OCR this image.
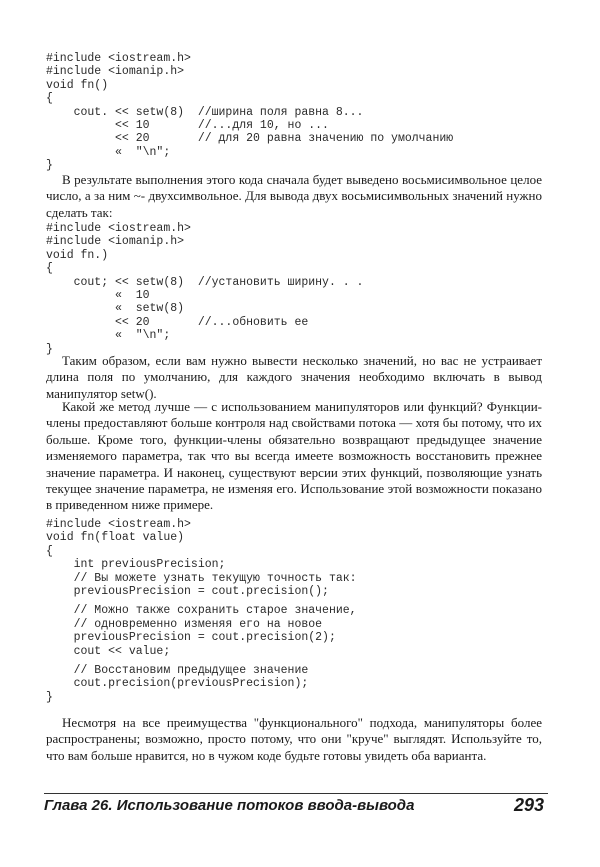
#include <iostream.h>
#include <iomanip.h>
void fn()
{
cout. << setw(8)  //ширина поля равна 8...
<< 10       //...для 10, но ...
<< 20       // для 20 равна значению по умолчанию
«  "\n";
}

В результате выполнения этого кода сначала будет выведено восьмисимвольное целое число, а за ним ~- двухсимвольное. Для вывода двух восьмисимвольных значений нужно сделать так:

#include <iostream.h>
#include <iomanip.h>
void fn.)
{
cout; << setw(8)  //установить ширину. . .
«  10
«  setw(8)
<< 20       //...обновить ее
«  "\n";
}

Таким образом, если вам нужно вывести несколько значений, но вас не устраивает длина поля по умолчанию, для каждого значения необходимо включать в вывод манипулятор setw().

Какой же метод лучше — с использованием манипуляторов или функций? Функции-члены предоставляют больше контроля над свойствами потока — хотя бы потому, что их больше. Кроме того, функции-члены обязательно возвращают предыдущее значение изменяемого параметра, так что вы всегда имеете возможность восстановить прежнее значение параметра. И наконец, существуют версии этих функций, позволяющие узнать текущее значение параметра, не изменяя его. Использование этой возможности показано в приведенном ниже примере.

#include <iostream.h>
void fn(float value)
{
int previousPrecision;
// Вы можете узнать текущую точность так:
previousPrecision = cout.precision();
// Можно также сохранить старое значение,
// одновременно изменяя его на новое
previousPrecision = cout.precision(2);
cout << value;
// Восстановим предыдущее значение
cout.precision(previousPrecision);
}

Несмотря на все преимущества "функционального" подхода, манипуляторы более распространены; возможно, просто потому, что они "круче" выглядят. Используйте то, что вам больше нравится, но в чужом коде будьте готовы увидеть оба варианта.

Глава 26. Использование потоков ввода-вывода	293
